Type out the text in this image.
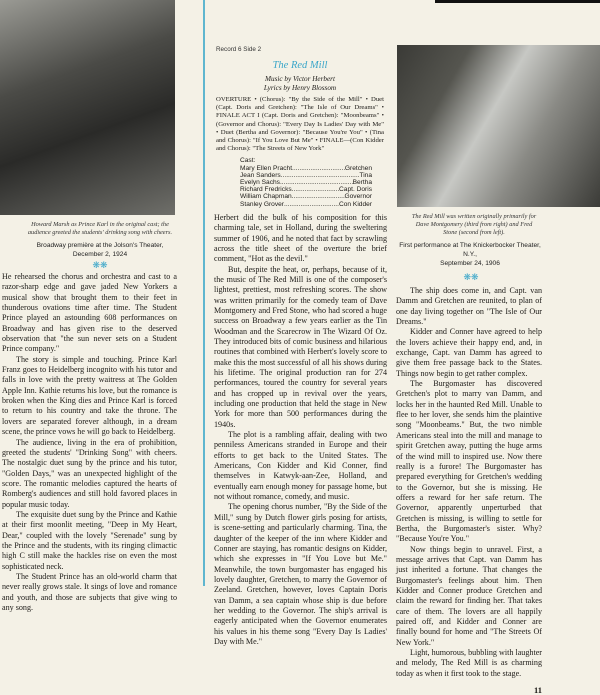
Howard Marsh as Prince Karl in the original cast; the audience greeted the students' drinking song with cheers.
Broadway première at the Jolson's Theater,
December 2, 1924
❋❋

He rehearsed the chorus and orchestra and cast to a razor-sharp edge and gave jaded New Yorkers a musical show that brought them to their feet in thunderous ovations time after time. The Student Prince played an astounding 608 performances on Broadway and has given rise to the deserved observation that "the sun never sets on a Student Prince company."

The story is simple and touching. Prince Karl Franz goes to Heidelberg incognito with his tutor and falls in love with the pretty waitress at The Golden Apple Inn. Kathie returns his love, but the romance is broken when the King dies and Prince Karl is forced to return to his country and take the throne. The lovers are separated forever although, in a dream scene, the prince vows he will go back to Heidelberg.

The audience, living in the era of prohibition, greeted the students' "Drinking Song" with cheers. The nostalgic duet sung by the prince and his tutor, "Golden Days," was an unexpected highlight of the score. The romantic melodies captured the hearts of Romberg's audiences and still hold favored places in popular music today.

The exquisite duet sung by the Prince and Kathie at their first moonlit meeting, "Deep in My Heart, Dear," coupled with the lovely "Serenade" sung by the Prince and the students, with its ringing climactic high C still make the hackles rise on even the most sophisticated neck.

The Student Prince has an old-world charm that never really grows stale. It sings of love and romance and youth, and those are subjects that give wing to any song.

Record 6 Side 2
The Red Mill
Music by Victor Herbert
Lyrics by Henry Blossom
OVERTURE • (Chorus): "By the Side of the Mill" • Duet (Capt. Doris and Gretchen): "The Isle of Our Dreams" • FINALE ACT I (Capt. Doris and Gretchen): "Moonbeams" • (Governor and Chorus): "Every Day Is Ladies' Day with Me" • Duet (Bertha and Governor): "Because You're You" • (Tina and Chorus): "If You Love But Me" • FINALE—(Con Kidder and Chorus): "The Streets of New York"
Cast:
Mary Ellen Pracht .....	Gretchen
Jean Sanders .....	Tina
Evelyn Sachs .....	Bertha
Richard Fredricks .....	Capt. Doris
William Chapman .....	Governor
Stanley Grover .....	Con Kidder

Herbert did the bulk of his composition for this charming tale, set in Holland, during the sweltering summer of 1906, and he noted that fact by scrawling across the title sheet of the overture the brief comment, "Hot as the devil."

But, despite the heat, or, perhaps, because of it, the music of The Red Mill is one of the composer's lightest, prettiest, most refreshing scores. The show was written primarily for the comedy team of Dave Montgomery and Fred Stone, who had scored a huge success on Broadway a few years earlier as the Tin Woodman and the Scarecrow in The Wizard Of Oz. They introduced bits of comic business and hilarious routines that combined with Herbert's lovely score to make this the most successful of all his shows during his lifetime. The original production ran for 274 performances, toured the country for several years and has cropped up in revival over the years, including one production that held the stage in New York for more than 500 performances during the 1940s.

The plot is a rambling affair, dealing with two penniless Americans stranded in Europe and their efforts to get back to the United States. The Americans, Con Kidder and Kid Conner, find themselves in Katwyk-aan-Zee, Holland, and eventually earn enough money for passage home, but not without romance, comedy, and music.

The opening chorus number, "By the Side of the Mill," sung by Dutch flower girls posing for artists, is scene-setting and particularly charming. Tina, the daughter of the keeper of the inn where Kidder and Conner are staying, has romantic designs on Kidder, which she expresses in "If You Love but Me." Meanwhile, the town burgomaster has engaged his lovely daughter, Gretchen, to marry the Governor of Zeeland. Gretchen, however, loves Captain Doris van Damm, a sea captain whose ship is due before her wedding to the Governor. The ship's arrival is eagerly anticipated when the Governor enumerates his values in his theme song "Every Day Is Ladies' Day with Me."

The Red Mill was written originally primarily for Dave Montgomery (third from right) and Fred Stone (second from left).
First performance at The Knickerbocker Theater, N.Y.,
September 24, 1906
❋❋

The ship does come in, and Capt. van Damm and Gretchen are reunited, to plan of one day living together on "The Isle of Our Dreams."

Kidder and Conner have agreed to help the lovers achieve their happy end, and, in exchange, Capt. van Damm has agreed to give them free passage back to the States. Things now begin to get rather complex.

The Burgomaster has discovered Gretchen's plot to marry van Damm, and locks her in the haunted Red Mill. Unable to flee to her lover, she sends him the plaintive song "Moonbeams." But, the two nimble Americans steal into the mill and manage to spirit Gretchen away, putting the huge arms of the wind mill to inspired use. Now there really is a furore! The Burgomaster has prepared everything for Gretchen's wedding to the Governor, but she is missing. He offers a reward for her safe return. The Governor, apparently unperturbed that Gretchen is missing, is willing to settle for Bertha, the Burgomaster's sister. Why? "Because You're You."

Now things begin to unravel. First, a message arrives that Capt. van Damm has just inherited a fortune. That changes the Burgomaster's feelings about him. Then Kidder and Conner produce Gretchen and claim the reward for finding her. That takes care of them. The lovers are all happily paired off, and Kidder and Conner are finally bound for home and "The Streets Of New York."

Light, humorous, bubbling with laughter and melody, The Red Mill is as charming today as when it first took to the stage.

11
